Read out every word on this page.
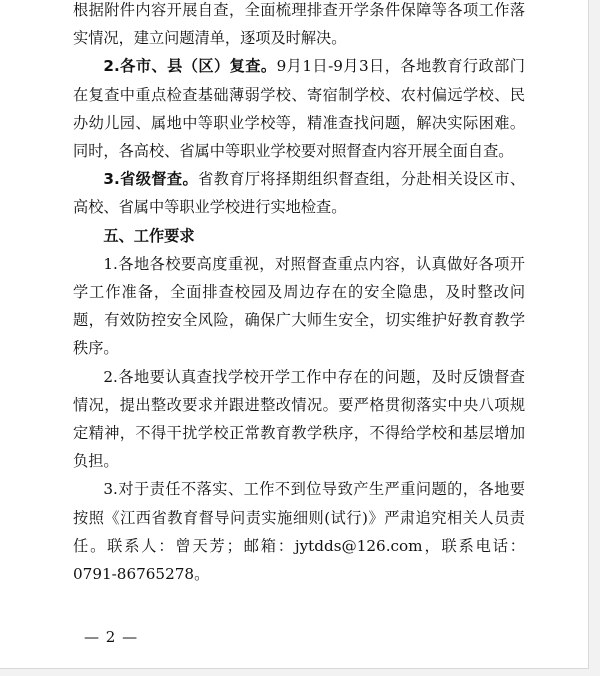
根据附件内容开展自查，全面梳理排查开学条件保障等各项工作落实情况，建立问题清单，逐项及时解决。

2.各市、县（区）复查。9月1日-9月3日，各地教育行政部门在复查中重点检查基础薄弱学校、寄宿制学校、农村偏远学校、民办幼儿园、属地中等职业学校等，精准查找问题，解决实际困难。同时，各高校、省属中等职业学校要对照督查内容开展全面自查。

3.省级督查。省教育厅将择期组织督查组，分赴相关设区市、高校、省属中等职业学校进行实地检查。

五、工作要求

1.各地各校要高度重视，对照督查重点内容，认真做好各项开学工作准备，全面排查校园及周边存在的安全隐患，及时整改问题，有效防控安全风险，确保广大师生安全，切实维护好教育教学秩序。

2.各地要认真查找学校开学工作中存在的问题，及时反馈督查情况，提出整改要求并跟进整改情况。要严格贯彻落实中央八项规定精神，不得干扰学校正常教育教学秩序，不得给学校和基层增加负担。

3.对于责任不落实、工作不到位导致产生严重问题的，各地要按照《江西省教育督导问责实施细则(试行)》严肃追究相关人员责任。联系人：曾天芳；邮箱：jytdds@126.com，联系电话：0791-86765278。

— 2 —
